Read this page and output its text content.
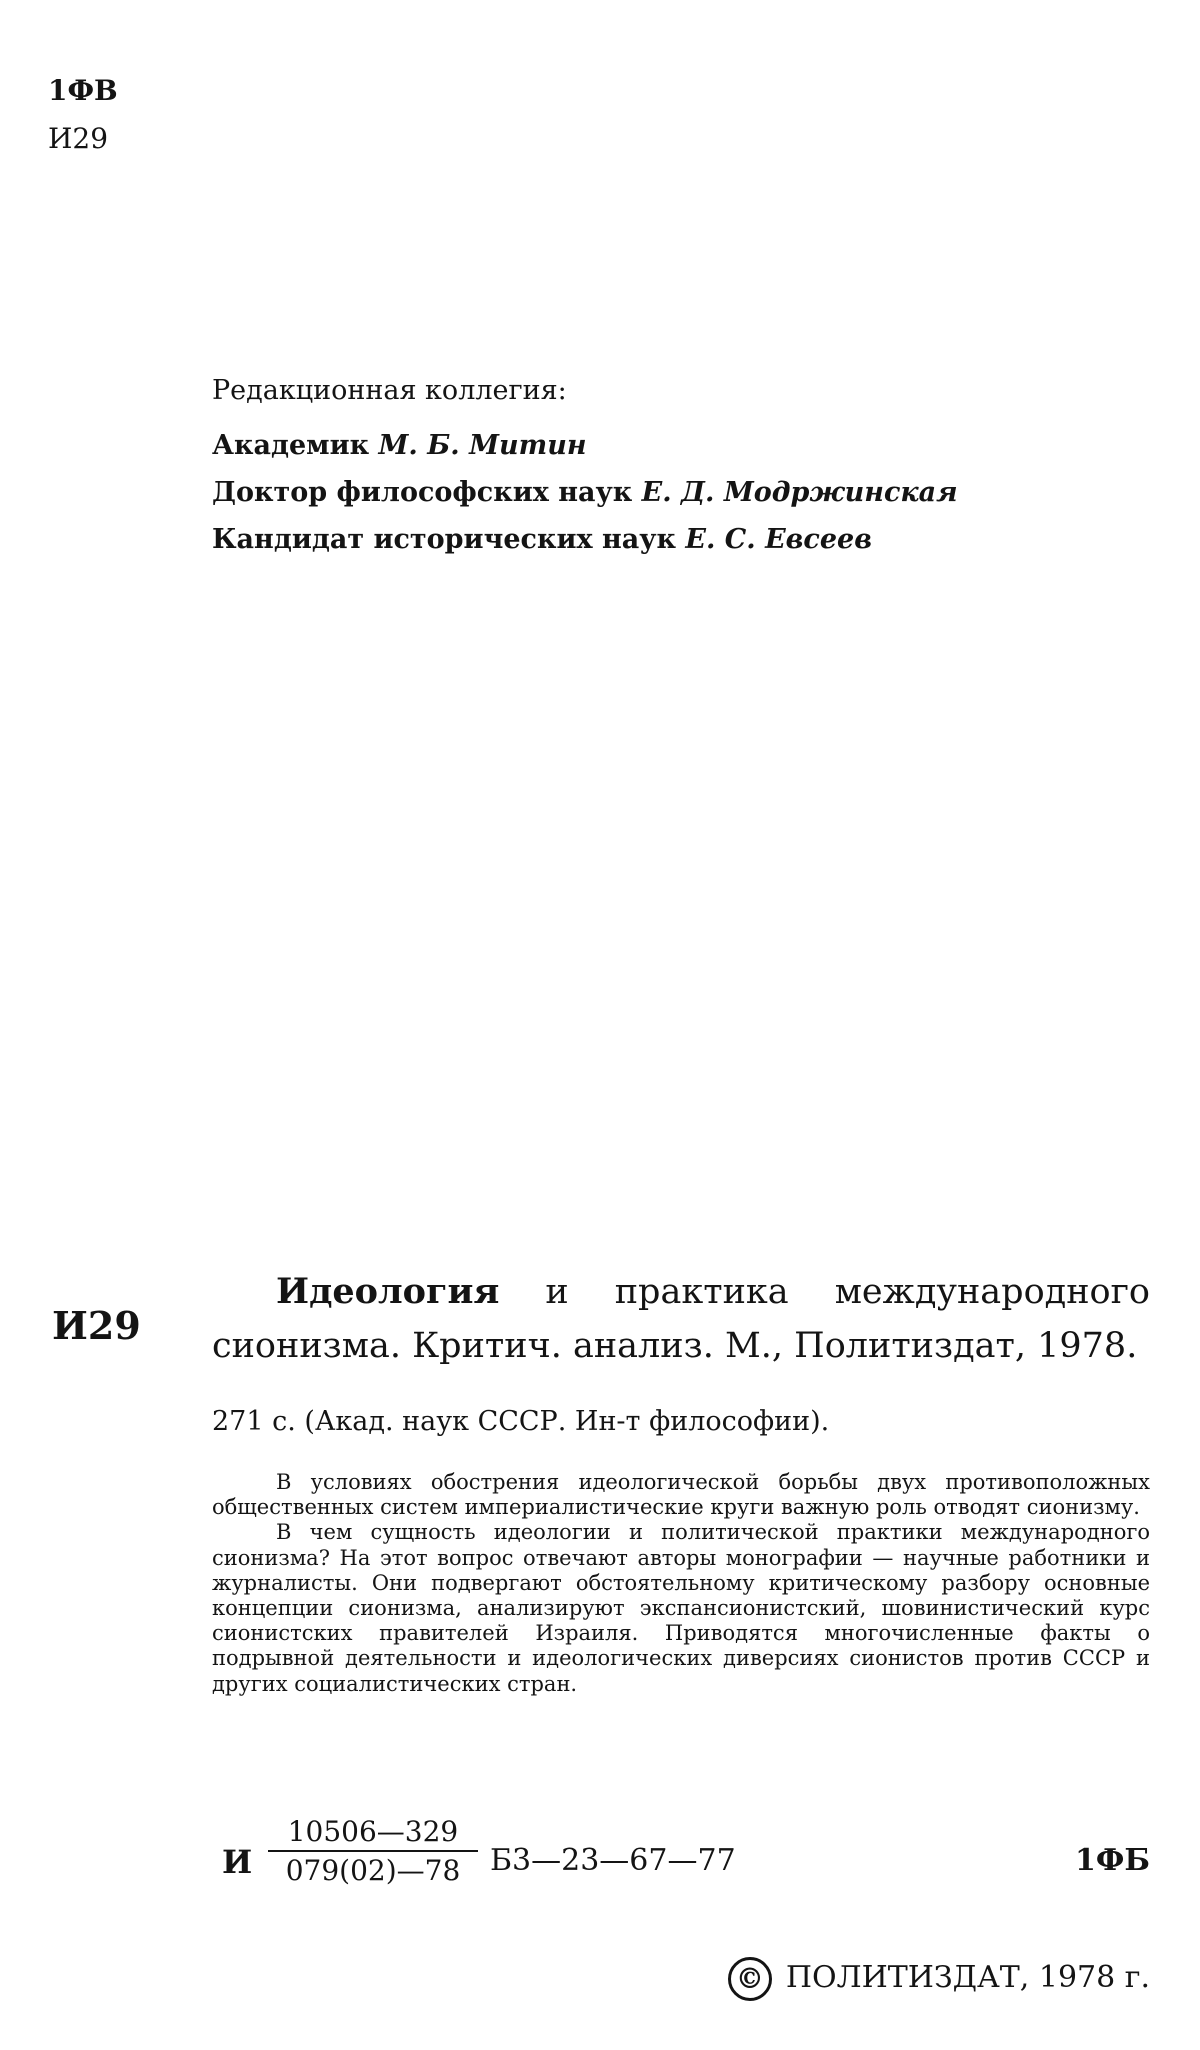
1ФВ
И29
Редакционная коллегия:
Академик М. Б. Митин
Доктор философских наук Е. Д. Модржинская
Кандидат исторических наук Е. С. Евсеев
И29
Идеология и практика международного сионизма. Критич. анализ. М., Политиздат, 1978.
271 с. (Акад. наук СССР. Ин-т философии).

В условиях обострения идеологической борьбы двух противоположных общественных систем империалистические круги важную роль отводят сионизму.

В чем сущность идеологии и политической практики международного сионизма? На этот вопрос отвечают авторы монографии — научные работники и журналисты. Они подвергают обстоятельному критическому разбору основные концепции сионизма, анализируют экспансионистский, шовинистический курс сионистских правителей Израиля. Приводятся многочисленные факты о подрывной деятельности и идеологических диверсиях сионистов против СССР и других социалистических стран.

И $\frac{10506—329}{079(02)—78}$ Б3—23—67—77	1ФБ
© ПОЛИТИЗДАТ, 1978 г.
